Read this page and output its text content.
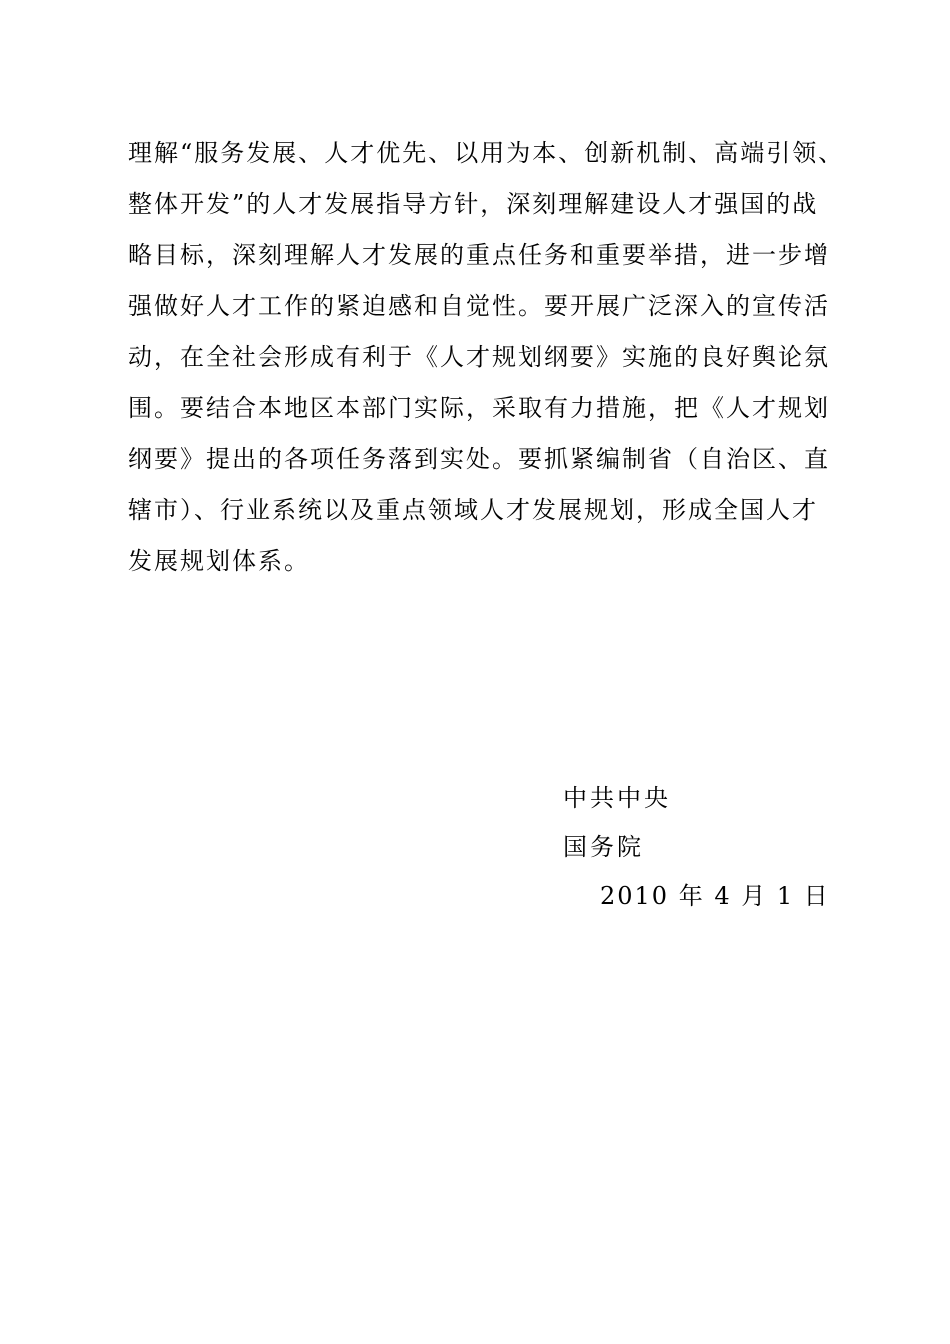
理解“服务发展、人才优先、以用为本、创新机制、高端引领、
整体开发”的人才发展指导方针，深刻理解建设人才强国的战
略目标，深刻理解人才发展的重点任务和重要举措，进一步增
强做好人才工作的紧迫感和自觉性。要开展广泛深入的宣传活
动，在全社会形成有利于《人才规划纲要》实施的良好舆论氛
围。要结合本地区本部门实际，采取有力措施，把《人才规划
纲要》提出的各项任务落到实处。要抓紧编制省（自治区、直
辖市）、行业系统以及重点领域人才发展规划，形成全国人才
发展规划体系。
中共中央
国务院
2010 年 4 月 1 日
